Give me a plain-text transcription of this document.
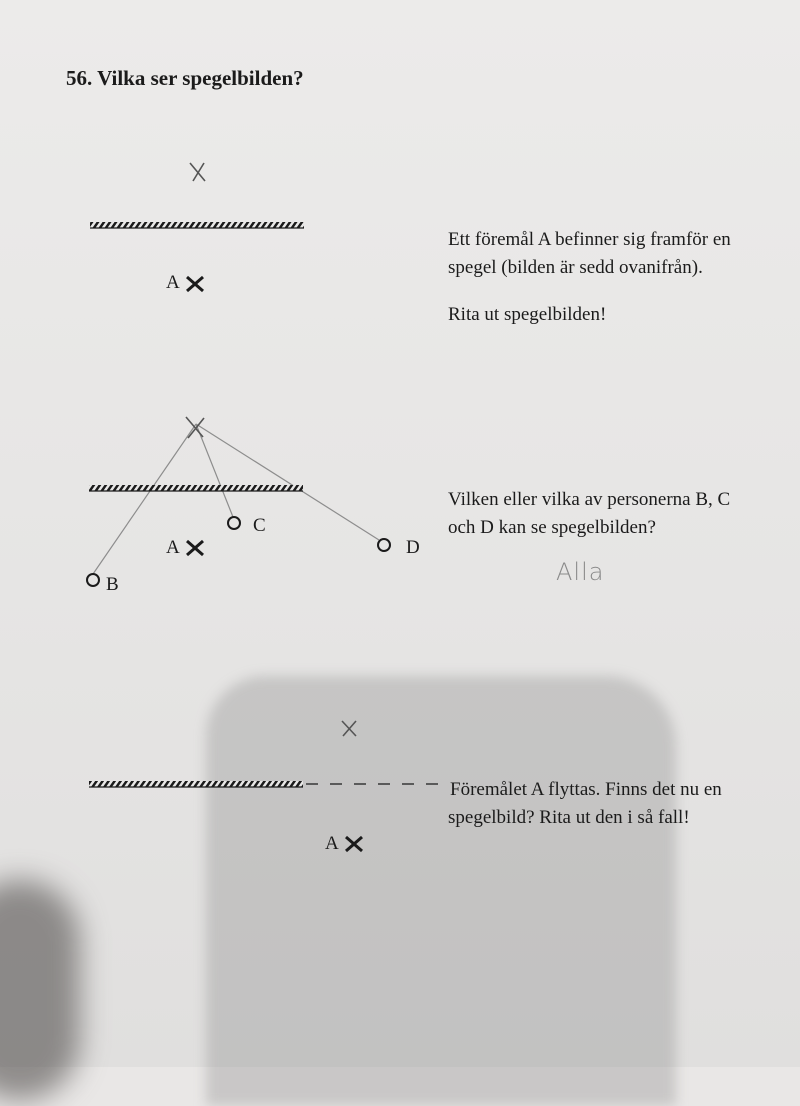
56. Vilka ser spegelbilden?

Ett föremål A befinner sig framför en

spegel (bilden är sedd ovanifrån).

Rita ut spegelbilden!

Vilken eller vilka av personerna B, C

och D kan se spegelbilden?

Alla

Föremålet A flyttas. Finns det nu en

spegelbild? Rita ut den i så fall!

A
A
B
C
D
A
